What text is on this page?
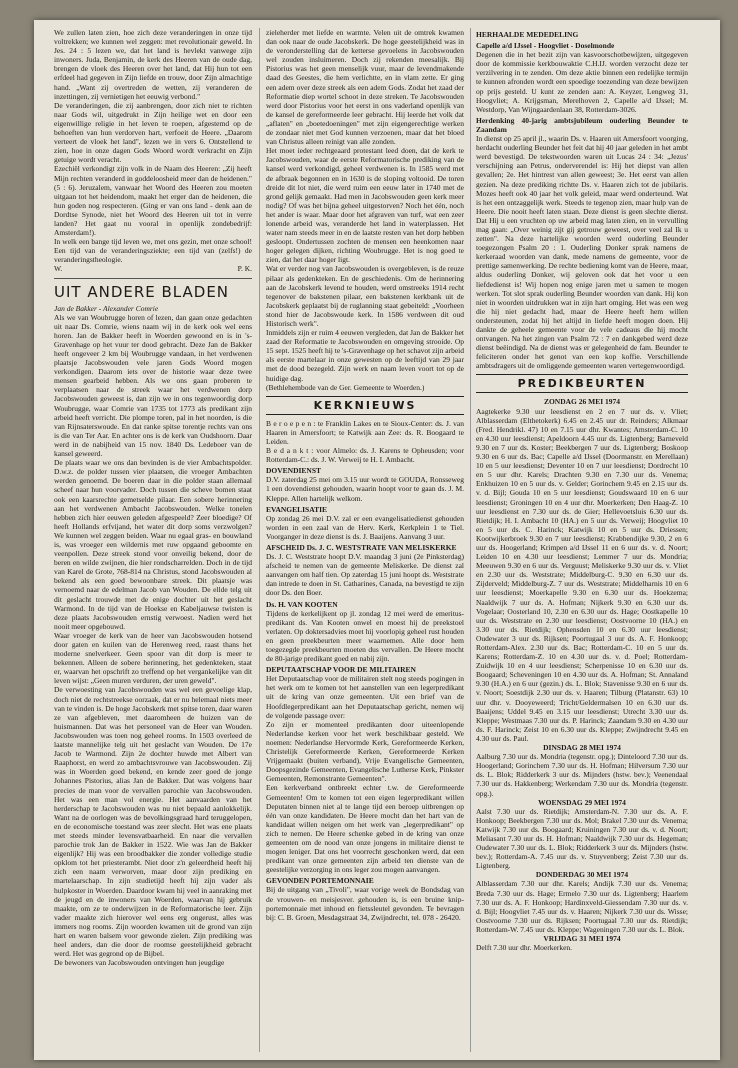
We zullen laten zien, hoe zich deze veranderingen in onze tijd voltrekken; we kunnen wel zeggen: met revolutionair geweld. In Jes. 24 : 5 lezen we, dat het land is hevlekt vanwege zijn inwoners. Juda, Benjamin, de kerk des Heeren van de oude dag, brengen de vloek des Heeren over het land, dat Hij hun tot een erfdeel had gegeven in Zijn liefde en trouw, door Zijn almachtige hand. „Want zij overtreden de wetten, zij veranderen de inzettingen, zij vernietigen het eeuwig verbond."

De veranderingen, die zij aanbrengen, door zich niet te richten naar Gods wil, uitgedrukt in Zijn heilige wet en door een eigenwillige religie in het leven te roepen, afgestemd op de behoeften van hun verdorven hart, verfoeit de Heere. „Daarom verteert de vloek het land", lezen we in vers 6. Ontstellend te zien, hoe in onze dagen Gods Woord wordt verkracht en Zijn getuige wordt veracht.

Ezechiël verkondigt zijn volk in de Naam des Heeren: „Zij heeft Mijn rechten veranderd in goddeloosheid meer dan de heidenen." (5 : 6). Jeruzalem, vanwaar het Woord des Heeren zou moeten uitgaan tot het heidendom, maakt het erger dan de heidenen, die hun goden nog respecteren. (Ging er van ons land - denk aan de Dordtse Synode, niet het Woord des Heeren uit tot in verre landen? Het gaat nu vooral in openlijk zondebedrijf: Amsterdam!).

In welk een bange tijd leven we, met ons gezin, met onze school! Een tijd van de veranderingsziekte; een tijd van (zelfs!) de veranderingstheologie.

W.	P. K.
UIT ANDERE BLADEN

Jan de Bakker - Alexander Comrie

Als we van Woubrugge horen of lezen, dan gaan onze gedachten uit naar Ds. Comrie, wiens naam wij in de kerk ook wel eens horen. Jan de Bakker heeft in Woerden gewoond en is in 's-Gravenhage op het vuur ter dood gebracht. Deze Jan de Bakker heeft ongeveer 2 km bij Woubrugge vandaan, in het verdwenen plaatsje Jacobswouden vele jaren Gods Woord mogen verkondigen. Daarom iets over de historie waar deze twee mensen gearbeid hebben. Als we ons gaan proberen te verplaatsen naar de streek waar het verdwenen dorp Jacobswouden geweest is, dan zijn we in ons tegenwoordig dorp Woubrugge, waar Comrie van 1735 tot 1773 als predikant zijn arbeid heeft verricht. Die plompe toren, pal in het noorden, is die van Rijnsaterswoude. En dat ranke spitse torentje rechts van ons is die van Ter Aar. En achter ons is de kerk van Oudshoorn. Daar werd in de nabijheid van 15 nov. 1840 Ds. Ledeboer van de kansel geweerd.

De plaats waar we ons dan bevinden is de vier Ambachtspolder. D.w.z. de polder tussen vier plaatsen, die vroeger Ambachten werden genoemd. De boeren daar in die polder staan allemaal scheef naar hun voorvader. Doch tussen die scheve bomen staat ook een kaarsrechte gemetselde pilaar. Een sobere herinnering aan het verdwenen Ambacht Jacobswouden. Welke tonelen hebben zich hier eeuwen geleden afgespeeld? Zeer bloedige? Of heeft Hollands erfvijand, het water dit dorp soms verzwolgen? We kunnen wel zeggen beiden. Waar nu egaal gras- en bouwland is, was vroeger een wildernis met ruw opgaand geboomte en veenpollen. Deze streek stond voor onveilig bekend, door de beren en wilde zwijnen, die hier rondscharrelden. Doch in de tijd van Karel de Grote, 768-814 na Christus, stond Jacobswouden al bekend als een goed bewoonbare streek. Dit plaatsje was vernoemd naar de edelman Jacob van Wouden. De ellde telg uit dit geslacht trouwde met de enige dochter uit het geslacht Warmond. In de tijd van de Hoekse en Kabeljauwse twisten is deze plaats Jacobswouden ernstig verwoest. Nadien werd het nooit meer opgebouwd.

Waar vroeger de kerk van de heer van Jacobswouden hotsend door gaten en kuilen van de Herenweg reed, raast thans het moderne snelverkeer. Geen spoor van dit dorp is meer te bekennen. Alleen de sobere herinnering, het gedenkteken, staat er, waarvan het opschrift zo treffend op het vergankelijke van dit leven wijst: „Geen muren verduren, der uren geweld".

De verwoesting van Jacobswouden was wel een gevoelige klap, doch niet de rechtstreekse oorzaak, dat er nu helemaal niets meer van te vinden is. De hoge Jacobskerk met spitse toren, daar waren ze van afgebleven, met daaromheen de huizen van de huismannen. Dat was het personeel van de Heer van Wouden. Jacobswouden was toen nog geheel rooms. In 1503 overleed de laatste mannelijke telg uit het geslacht van Wouden. De 17e Jacob te Warmond. Zijn 2e dochter huwde met Albert van Raaphorst, en werd zo ambachtsvrouwe van Jacobswouden. Zij was in Woerden goed bekend, en kende zeer goed de jonge Johannes Pistorius, alias Jan de Bakker. Dat was volgens haar precies de man voor de vervallen parochie van Jacobswouden. Het was een man vol energie. Het aanvaarden van het herderschap te Jacobswouden was nu niet bepaald aanlokkelijk. Want na de oorlogen was de bevolkingsgraad hard teruggelopen, en de economische toestand was zeer slecht. Het was ene plaats met steeds minder levensvatbaarheid. En naar die vervallen parochie trok Jan de Bakker in 1522. Wie was Jan de Bakker eigenlijk? Hij was een broodbakker die zonder volledige studie opklom tot het priesterambt. Niet door z'n geleerdheid heeft hij zich een naam verworven, maar door zijn prediking en martelaarschap. In zijn studietijd heeft hij zijn vader als hulpkoster in Woerden. Daardoor kwam hij veel in aanraking met de jeugd en de inwoners van Woerden, waarvan hij gebruik maakte, om ze te onderwijzen in de Reformatorische leer. Zijn vader maakte zich hierover wel eens erg ongerust, alles was immers nog rooms. Zijn woorden kwamen uit de grond van zijn hart en waren balsem voor gewonde zielen. Zijn prediking was heel anders, dan die door de roomse geestelijkheid gebracht werd. Het was gegrond op de Bijbel.

De bewoners van Jacobswouden ontvingen hun jeugdige

zieleherder met liefde en warmte. Velen uit de omtrek kwamen dan ook naar de oude Jacobskerk. De hoge geestelijkheid was in de veronderstelling dat de ketterse gevoelens in Jacobswouden wel zouden insluimeren. Doch zij rekenden meesalijk. Bij Pistorius was het geen menselijk vuur, maar de levendmakende daad des Geestes, die hem verlichtte, en in vlam zette. Er ging een adem over deze streek als een adem Gods. Zodat het zaad der Reformatie diep wortel schoot in deze streken. Te Jacobswouden werd door Pistorius voor het eerst in ons vaderland openlijk van de kansel de gereformeerde leer gebracht. Hij leerde het volk dat „aflaten" en „boetedoeningen" met zijn eigengerechtige werken de zondaar niet met God kunnen verzoenen, maar dat het bloed van Christus alleen reinigt van alle zonden.

Het moet ieder rechtgeaard protestant leed doen, dat de kerk te Jacobswouden, waar de eerste Reformatorische prediking van de kansel werd verkondigd, geheel verdwenen is. In 1585 werd met de afbraak begonnen en in 1630 is de sloping voltooid. De toren dreide dit lot niet, die werd ruim een eeuw later in 1740 met de grond gelijk gemaakt. Had men in Jacobswouden geen kerk meer nodig? Of was het bijna geheel uitgestorven? Noch het één, noch het ander is waar. Maar door het afgraven van turf, wat een zeer lonende arbeid was, veranderde het land in waterplassen. Het water nam steeds meer in en de laatste resten van het dorp hebben gesloopt. Ondertussen zochten de mensen een heenkomen naar hoger gelegen dijken, richting Woubrugge. Het is nog goed te zien, dat het daar hoger ligt.

Wat er verder nog van Jacobswouden is overgebleven, is de reuze pilaar als gedenkteken. En de geschiedenis. Om de herinnering aan de Jacobskerk levend te houden, werd omstreeks 1914 recht tegenover de bakstenen pilaar, een bakstenen kerkbank uit de Jacobskerk geplaatst bij de ruglanning staat gebeiteld: „Voorheen stond hier de Jacobswoude kerk. In 1586 verdween dit oud Historisch werk".

Inmiddels zijn er ruim 4 eeuwen vergleden, dat Jan de Bakker het zaad der Reformatie te Jacobswouden en omgeving strooide. Op 15 sept. 1525 heeft hij te 's-Gravenhage op het schavot zijn arbeid als eerste martelaar in onze gewesten op de leeftijd van 29 jaar met de dood bezegeld. Zijn werk en naam leven voort tot op de huidige dag.

(Bethlehembode van de Ger. Gemeente te Woerden.)

KERKNIEUWS

B e r o e p e n : te Franklin Lakes en te Sioux-Center: ds. J. van Haaren in Amersfoort; te Katwijk aan Zee: ds. R. Boogaard te Leiden.

B e d a n k t : voor Almelo: ds. J. Karens te Opheusden; voor Rotterdam-C.: ds. J. W. Verweij te H. I. Ambacht.

DOVENDIENST

D.V. zaterdag 25 mei om 3.15 uur wordt te GOUDA, Ronsseweg 1 een dovendienst gehouden, waarin hoopt voor te gaan ds. J. M. Kleppe. Allen hartelijk welkom.

EVANGELISATIE

Op zondag 26 mei D.V. zal er een evangelisatiedienst gehouden worden in een zaal van de Herv. Kerk, Kerkplein 1 te Tiel. Voorganger in deze dienst is ds. J. Baaijens. Aanvang 3 uur.

AFSCHEID Ds. J. C. WESTSTRATE VAN MELISKERKE

Ds. J. C. Weststrate hoopt D.V. maandag 3 juni (2e Pinksterdag) afscheid te nemen van de gemeente Meliskerke. De dienst zal aanvangen om half tien. Op zaterdag 15 juni hoopt ds. Weststrate dan intrede te doen in St. Catharines, Canada, na bevestigd te zijn door Ds. den Boer.

Ds. H. VAN KOOTEN

Tijdens de kerkelijkent op jl. zondag 12 mei werd de emeritus-predikant ds. Van Kooten onwel en moest hij de preekstoel verlaten. Op doktersadvies moet hij voorlopig geheel rust houden en geen preekbeurten meer waarnemen. Alle door hem toegezegde preekbeurten moeten dus vervallen. De Heere mocht de 80-jarige predikant goed en nabij zijn.

DEPUTAATSCHAP VOOR DE MILITAIREN

Het Deputaatschap voor de militairen stelt nog steeds pogingen in het werk om te komen tot het aanstellen van een legerpredikant uit de kring van onze gemeenten. Uit een brief van de Hoofdlegerpredikant aan het Deputaatschap gericht, nemen wij de volgende passage over:

Zo zijn er momenteel predikanten door uiteenlopende Nederlandse kerken voor het werk beschikbaar gesteld. We noemen: Nederlandse Hervormde Kerk, Gereformeerde Kerken, Christelijk Gereformeerde Kerken, Gereformeerde Kerken Vrijgemaakt (buiten verband), Vrije Evangelische Gemeenten, Doopsgezinde Gemeenten, Evangelische Lutherse Kerk, Pinkster Gemeenten, Remonstrante Gemeenten".

Een kerkverband ontbreekt echter t.w. de Gereformeerde Gemeenten! Om te komen tot een eigen legerpredikant willen Deputaten binnen niet al te lange tijd een beroep uitbrengen op één van onze kandidaten. De Heere mocht dan het hart van de kandidaat willen neigen om het werk van „legerpredikant" op zich te nemen. De Heere schenke gebed in de kring van onze gemeenten om de nood van onze jongens in militaire dienst te mogen leniger. Dat ons het voorrecht geschonken werd, dat een predikant van onze gemeenten zijn arbeid ten dienste van de geestelijke verzorging in ons leger zou mogen aanvangen.

GEVONDEN PORTEMONNAIE

Bij de uitgang van „Tivoli", waar vorige week de Bondsdag van de vrouwen- en meisjesver. gehouden is, is een bruine knip-portemonnaie met inhoud en fietssleutel gevonden. Te bevragen bij: C. B. Groen, Mesdagstraat 34, Zwijndrecht, tel. 078 - 26420.

HERHAALDE MEDEDELING

Capelle a/d IJssel - Hoogvliet - Doselmonde

Degenen die in het bezit zijn van kasvoorschotbewijzen, uitgegeven door de kommissie kerkbouwaktie C.H.IJ. worden verzocht deze ter verzilvering in te zenden. Om deze aktie binnen een redelijke termijn te kunnen afronden wordt een spoedige toezending van deze bewijzen op prijs gesteld. U kunt ze zenden aan: A. Keyzer, Lengweg 31, Hoogvliet; A. Krijgsman, Merelhoven 2, Capelle a/d IJssel; M. Westdorp, Van Wijngaardenlaan 38, Rotterdam-3026.

Herdenking 40-jarig ambtsjubileum ouderling Beunder te Zaandam

In dienst op 25 april jl., waarin Ds. v. Haaren uit Amersfoort voorging, herdacht ouderling Beunder het feit dat hij 40 jaar geleden in het ambt werd bevestigd. De tekstwoorden waren uit Lucas 24 : 34: „Jezus' verschijning aan Petrus, onderverendel is: Hij het diepst van allen gevallen; 2e. Het hintrest van allen geweest; 3e. Het eerst van allen gezien. Na deze prediking richtte Ds. v. Haaren zich tot de jubilaris. Mozes heeft ook 40 jaar het volk geleid, maar werd onderteund. Wat is het een ontzaggelijk werk. Steeds te tegenop zien, maar hulp van de Heere. Die nooit heeft laten staan. Deze dienst is geen slechte dienst. Dat Hij u een vruchten op uw arbeid mag laten zien, en in vervulling mag gaan: „Over weinig zijt gij getrouw geweest, over veel zal Ik u zetten". Na deze hartelijke woorden werd ouderling Beunder toegezongen Psalm 20 : 1. Ouderling Donker sprak namens de kerkeraad woorden van dank, mede namens de gemeente, voor de prettige samenwerking. De rechte bediening komt van de Heere, maar, aldus ouderling Donker, wij geloven ook dat het voor u een liefdedienst is! Wij hopen nog enige jaren met u samen te mogen werken. Tot slot sprak ouderling Beunder woorden van dank. Hij kon niet in woorden uitdrukken wat in zijn hart omging. Het was een weg die hij niet gedacht had, maar de Heere heeft hem willen ondersteunen, zodat hij het altijd in liefde heeft mogen doen. Hij dankte de geheele gemeente voor de vele cadeaus die hij mocht ontvangen. Na het zingen van Psalm 72 : 7 en dankgebed werd deze dienst beëindigd. Na de dienst was er gelegenheid de fam. Beunder te feliciteren onder het genot van een kop koffie. Verschillende ambtsdragers uit de omliggende gemeenten waren vertegenwoordigd.

PREDIKBEURTEN

ZONDAG 26 MEI 1974

Aagtekerke 9.30 uur leesdienst en 2 en 7 uur ds. v. Vliet; Alblasserdam (Elthetokerk) 6.45 en 2.45 uur dr. Reinders; Alkmaar (Fred. Hendrikl. 47) 10 en 7.15 uur dhr. Kwantes; Amsterdam-C. 10 en 4.30 uur leesdienst; Apeldoorn 4.45 uur ds. Ligtenberg; Barneveld 9.30 en 7 uur ds. Koster; Beekbergen 7 uur ds. Ligtenberg; Boskoop 9.30 en 6 uur ds. Bac; Capelle a/d IJssel (Doormanstr. en Merellaan) 10 en 5 uur leesdienst; Deventer 10 en 7 uur leesdienst; Dordrecht 10 en 5 uur dhr. Karels; Drachten 9.30 en 7.30 uur ds. Venema; Enkhuizen 10 en 5 uur ds. v. Gelder; Gorinchem 9.45 en 2.15 uur ds. v. d. Bijl; Gouda 10 en 5 uur leesdienst; Goudswaard 10 en 6 uur leesdienst; Groningen 10 en 4 uur dhr. Moerkerken; Den Haag-Z. 10 uur leesdienst en 7.30 uur ds. de Gier; Hellevoetsluis 6.30 uur ds. Rietdijk; H. I. Ambacht 10 (HA.) en 5 uur ds. Verweij; Hoogvliet 10 en 5 uur ds. C. Harinck; Katwijk 10 en 5 uur ds. Driessen; Kootwijkerbroek 9.30 en 7 uur leesdienst; Krabbendijke 9.30, 2 en 6 uur ds. Hoogerland; Krimpen a/d IJssel 11 en 6 uur ds. v. d. Noort; Leiden 10 en 4.30 uur leesdienst; Lemmer 7 uur ds. Mondria; Meeuwen 9.30 en 6 uur ds. Verguust; Meliskerke 9.30 uur ds. v. Vliet en 2.30 uur ds. Weststrate; Middelburg-C. 9.30 en 6.30 uur ds. Zijderveld; Middelburg-Z. 7 uur ds. Weststrate; Middelharnis 10 en 6 uur leesdienst; Moerkapelle 9.30 en 6.30 uur ds. Hoekzema; Naaldwijk 7 uur ds. A. Hofman; Nijkerk 9.30 en 6.30 uur ds. Vogelaar; Oosterland 10, 2.30 en 6.30 uur ds. Hage; Oostkapelle 10 uur ds. Weststrate en 2.30 uur leesdienst; Oostvoorne 10 (HA.) en 3.30 uur ds. Rietdijk; Ophensden 10 en 6.30 uur leesdienst; Oudewater 3 uur ds. Rijksen; Poortugaal 3 uur ds. A. F. Honkoop; Rotterdam-Alex. 2.30 uur ds. Bac; Rotterdam-C. 10 en 5 uur ds. Karens; Rotterdam-Z. 10 en 4.30 uur ds. v. d. Poel; Rotterdam-Zuidwijk 10 en 4 uur leesdienst; Scherpenisse 10 en 6.30 uur ds. Boogaard; Scheveningen 10 en 4.30 uur ds. A. Hofman; St. Annaland 9.30 (H.A.) en 6 uur (gezin.) ds. L. Blok; Stavenisse 9.30 en 6 uur ds. v. Noort; Soestdijk 2.30 uur ds. v. Haaren; Tilburg (Platanstr. 63) 10 uur dhr. v. Dooyeweerd; Tricht/Geldermalsen 10 en 6.30 uur ds. Baaijens; Uddel 9.45 en 3.15 uur leesdienst; Utrecht 3.30 uur ds. Kleppe; Westmaas 7.30 uur ds. P. Harinck; Zaandam 9.30 en 4.30 uur ds. F. Harinck; Zeist 10 en 6.30 uur ds. Kleppe; Zwijndrecht 9.45 en 4.30 uur ds. Paul.

DINSDAG 28 MEI 1974

Aalburg 7.30 uur ds. Mondria (tegenstr. opg.); Dinteloord 7.30 uur ds. Hoogerland; Gorinchem 7.30 uur ds. H. Hofman; Hilversum 7.30 uur ds. L. Blok; Ridderkerk 3 uur ds. Mijnders (hstw. bev.); Veenendaal 7.30 uur ds. Hakkenberg; Werkendam 7.30 uur ds. Mondria (tegenstr. opg.).

WOENSDAG 29 MEI 1974

Aalst 7.30 uur ds. Rietdijk; Amsterdam-N. 7.30 uur ds. A. F. Honkoop; Beekbergen 7.30 uur ds. Mol; Brakel 7.30 uur ds. Venema; Katwijk 7.30 uur ds. Boogaard; Kruiningen 7.30 uur ds. v. d. Noort; Meliasant 7.30 uur ds. H. Hofman; Naaldwijk 7.30 uur ds. Hegeman; Oudewater 7.30 uur ds. L. Blok; Ridderkerk 3 uur ds. Mijnders (hstw. bev.); Rotterdam-A. 7.45 uur ds. v. Stuyvenberg; Zeist 7.30 uur ds. Ligtenberg.

DONDERDAG 30 MEI 1974

Alblasserdam 7.30 uur dhr. Karels; Andijk 7.30 uur ds. Venema; Breda 7.30 uur ds. Hage; Ermelo 7.30 uur ds. Ligtenberg; Haarlem 7.30 uur ds. A. F. Honkoop; Hardinxveld-Giessendam 7.30 uur ds. v. d. Bijl; Hoogvliet 7.45 uur ds. v. Haaren; Nijkerk 7.30 uur ds. Wisse; Oostvoorne 7.30 uur ds. Rijksen; Poortugaal 7.30 uur ds. Rietdijk; Rotterdam-W. 7.45 uur ds. Kleppe; Wageningen 7.30 uur ds. L. Blok.

VRIJDAG 31 MEI 1974

Delft 7.30 uur dhr. Moerkerken.
